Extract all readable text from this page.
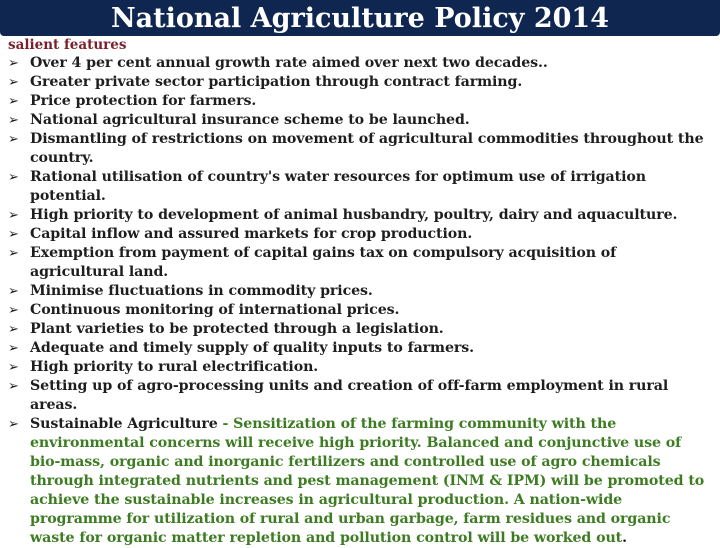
National Agriculture Policy 2014
salient features
➢ Over 4 per cent annual growth rate aimed over next two decades..
➢ Greater private sector participation through contract farming.
➢ Price protection for farmers.
➢ National agricultural insurance scheme to be launched.
➢ Dismantling of restrictions on movement of agricultural commodities throughout the country.
➢ Rational utilisation of country's water resources for optimum use of irrigation potential.
➢ High priority to development of animal husbandry, poultry, dairy and aquaculture.
➢ Capital inflow and assured markets for crop production.
➢ Exemption from payment of capital gains tax on compulsory acquisition of agricultural land.
➢ Minimise fluctuations in commodity prices.
➢ Continuous monitoring of international prices.
➢ Plant varieties to be protected through a legislation.
➢ Adequate and timely supply of quality inputs to farmers.
➢ High priority to rural electrification.
➢ Setting up of agro-processing units and creation of off-farm employment in rural areas.
➢ Sustainable Agriculture - Sensitization of the farming community with the environmental concerns will receive high priority. Balanced and conjunctive use of bio-mass, organic and inorganic fertilizers and controlled use of agro chemicals through integrated nutrients and pest management (INM & IPM) will be promoted to achieve the sustainable increases in agricultural production. A nation-wide programme for utilization of rural and urban garbage, farm residues and organic waste for organic matter repletion and pollution control will be worked out.
